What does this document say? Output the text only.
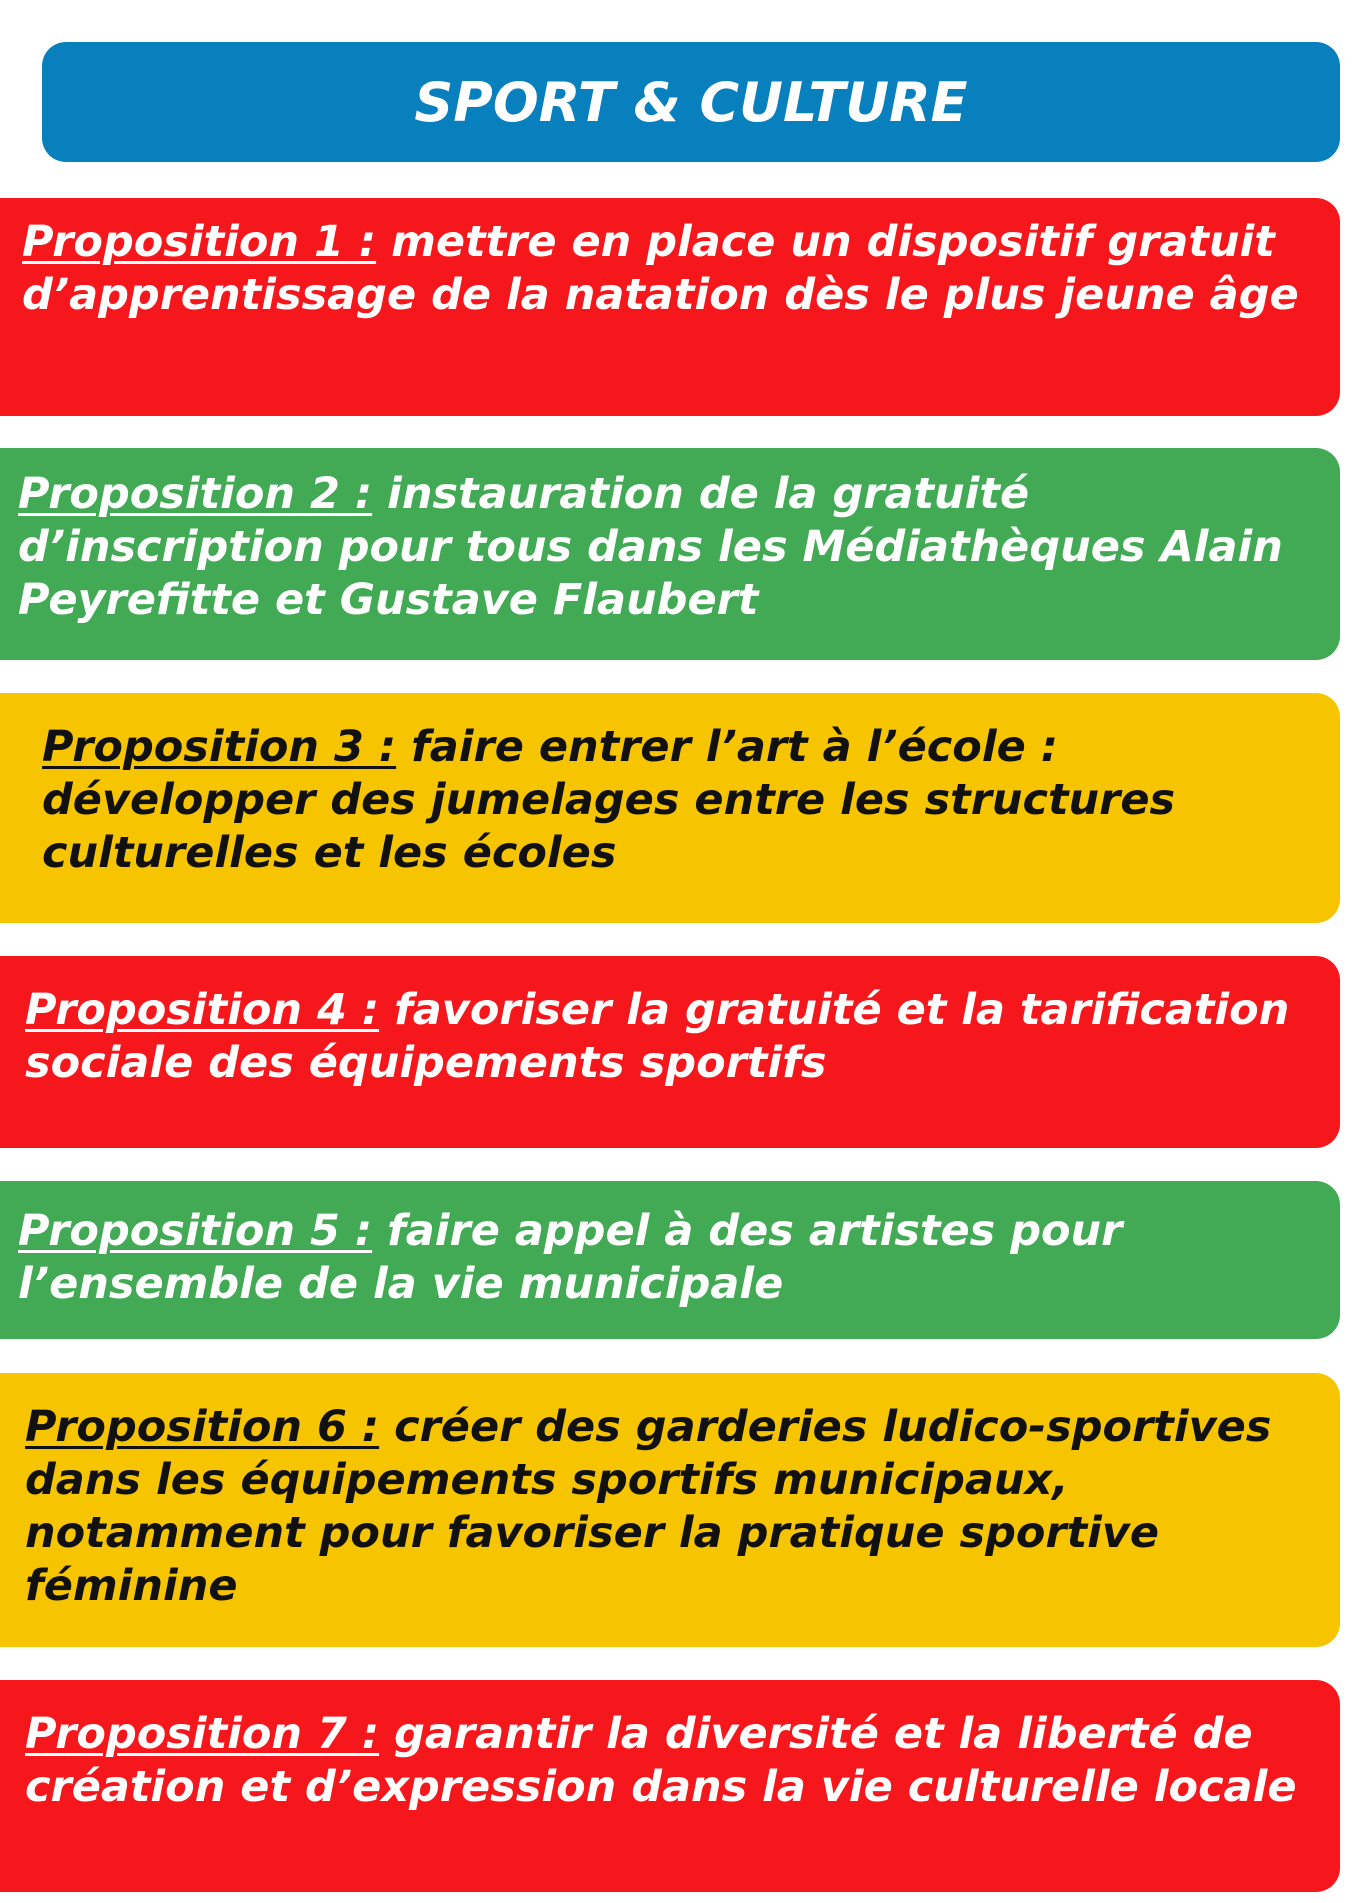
SPORT & CULTURE

Proposition 1 : mettre en place un dispositif gratuit d’apprentissage de la natation dès le plus jeune âge

Proposition 2 : instauration de la gratuité d’inscription pour tous dans les Médiathèques Alain Peyrefitte et Gustave Flaubert

Proposition 3 : faire entrer l’art à l’école : développer des jumelages entre les structures culturelles et les écoles

Proposition 4 : favoriser la gratuité et la tarification sociale des équipements sportifs

Proposition 5 : faire appel à des artistes pour l’ensemble de la vie municipale

Proposition 6 : créer des garderies ludico-sportives dans les équipements sportifs municipaux, notamment pour favoriser la pratique sportive féminine

Proposition 7 : garantir la diversité et la liberté de création et d’expression dans la vie culturelle locale
